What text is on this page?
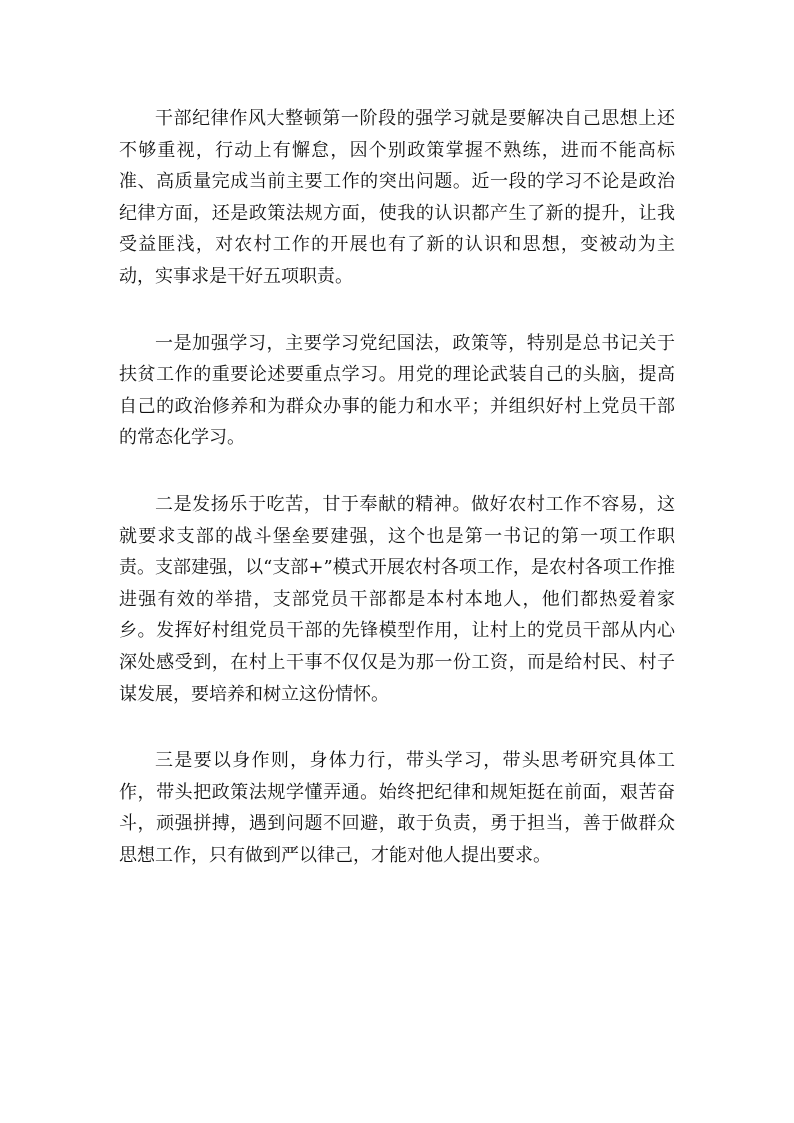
干部纪律作风大整顿第一阶段的强学习就是要解决自己思想上还不够重视，行动上有懈怠，因个别政策掌握不熟练，进而不能高标准、高质量完成当前主要工作的突出问题。近一段的学习不论是政治纪律方面，还是政策法规方面，使我的认识都产生了新的提升，让我受益匪浅，对农村工作的开展也有了新的认识和思想，变被动为主动，实事求是干好五项职责。

一是加强学习，主要学习党纪国法，政策等，特别是总书记关于扶贫工作的重要论述要重点学习。用党的理论武装自己的头脑，提高自己的政治修养和为群众办事的能力和水平；并组织好村上党员干部的常态化学习。

二是发扬乐于吃苦，甘于奉献的精神。做好农村工作不容易，这就要求支部的战斗堡垒要建强，这个也是第一书记的第一项工作职责。支部建强，以“支部+”模式开展农村各项工作，是农村各项工作推进强有效的举措，支部党员干部都是本村本地人，他们都热爱着家乡。发挥好村组党员干部的先锋模型作用，让村上的党员干部从内心深处感受到，在村上干事不仅仅是为那一份工资，而是给村民、村子谋发展，要培养和树立这份情怀。

三是要以身作则，身体力行，带头学习，带头思考研究具体工作，带头把政策法规学懂弄通。始终把纪律和规矩挺在前面，艰苦奋斗，顽强拼搏，遇到问题不回避，敢于负责，勇于担当，善于做群众思想工作，只有做到严以律己，才能对他人提出要求。
